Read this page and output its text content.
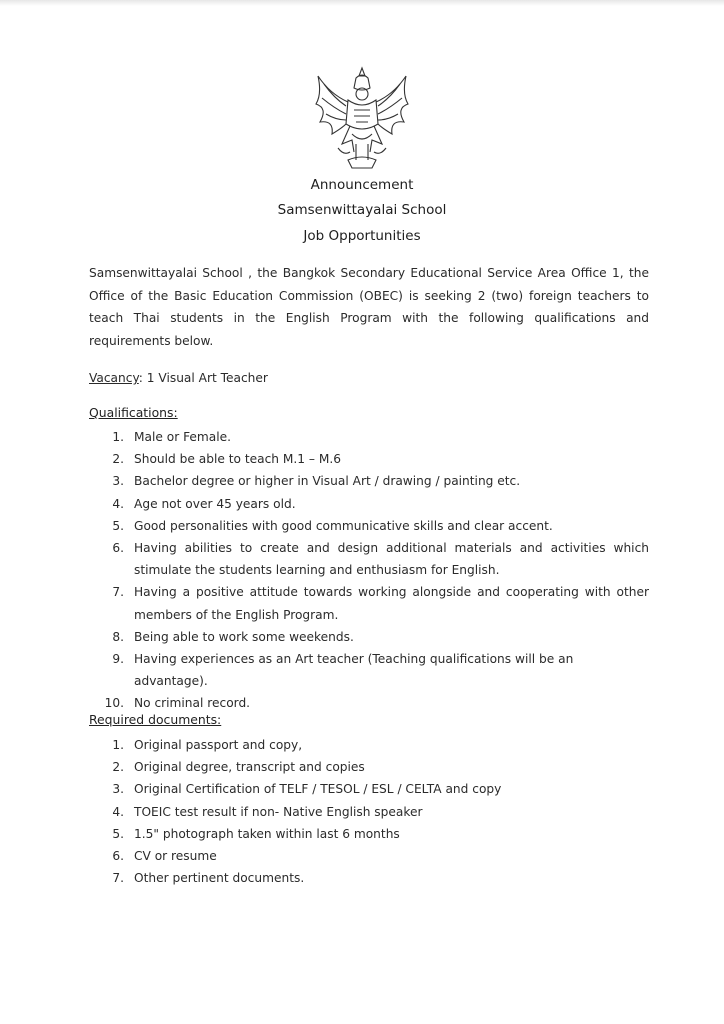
Announcement
Samsenwittayalai School
Job Opportunities

Samsenwittayalai School , the Bangkok Secondary Educational Service Area Office 1, the Office of the Basic Education Commission (OBEC) is seeking 2 (two) foreign teachers to teach Thai students in the English Program with the following qualifications and requirements below.

Vacancy: 1 Visual Art Teacher
Qualifications:
1. Male or Female.
2. Should be able to teach M.1 – M.6
3. Bachelor degree or higher in Visual Art / drawing / painting etc.
4. Age not over 45 years old.
5. Good personalities with good communicative skills and clear accent.
6. Having abilities to create and design additional materials and activities which stimulate the students learning and enthusiasm for English.
7. Having a positive attitude towards working alongside and cooperating with other members of the English Program.
8. Being able to work some weekends.
9. Having experiences as an Art teacher (Teaching qualifications will be an advantage).
10. No criminal record.
Required documents:
1. Original passport and copy,
2. Original degree, transcript and copies
3. Original Certification of TELF / TESOL / ESL / CELTA and copy
4. TOEIC test result if non- Native English speaker
5. 1.5" photograph taken within last 6 months
6. CV or resume
7. Other pertinent documents.
